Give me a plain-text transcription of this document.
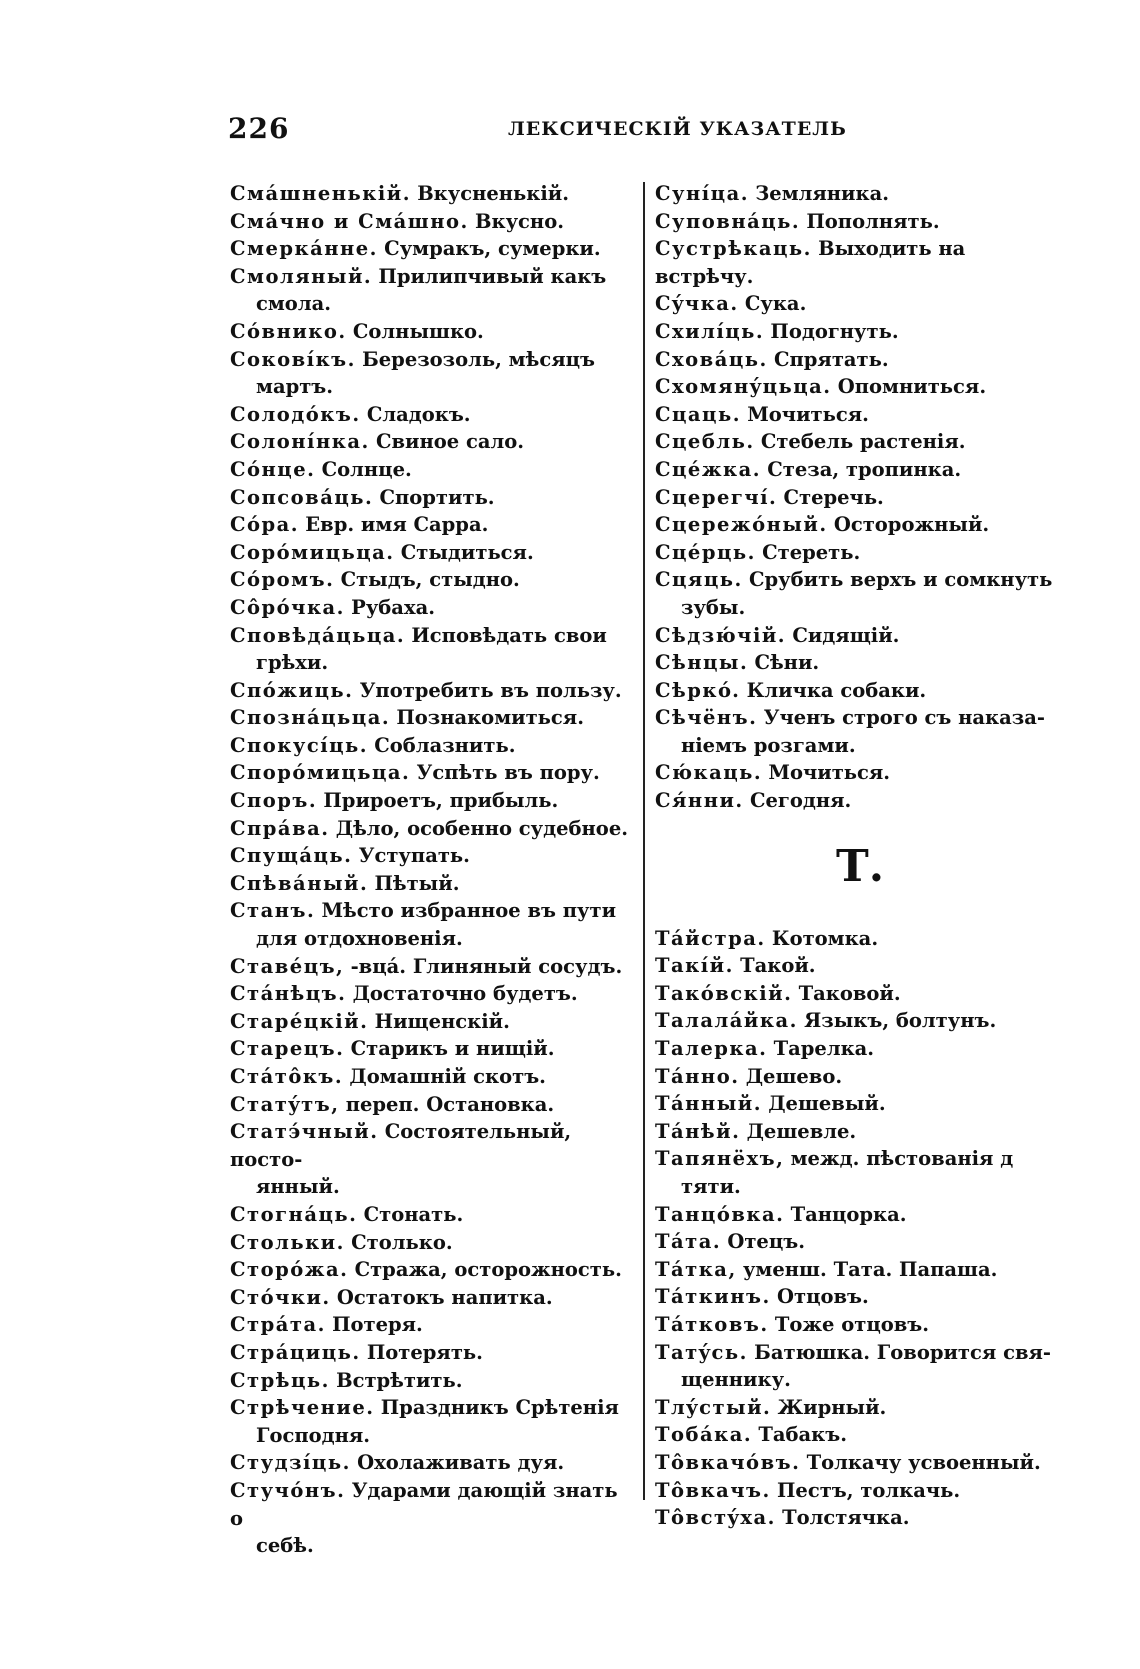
226	ЛЕКСИЧЕСКІЙ УКАЗАТЕЛЬ
Смáшненькій. Вкусненькій.
Смáчно и Смáшно. Вкусно.
Смеркáнне. Сумракъ, сумерки.
Смоляный. Прилипчивый какъ
смола.
Сóвнико. Солнышко.
Соковíкъ. Березозоль, мѣсяцъ
мартъ.
Солодóкъ. Сладокъ.
Солонíнка. Свиное сало.
Сóнце. Солнце.
Сопсовáць. Спортить.
Сóра. Евр. имя Сарра.
Сорóмицьца. Стыдиться.
Сóромъ. Стыдъ, стыдно.
Сôрóчка. Рубаха.
Сповѣдáцьца. Исповѣдать свои
грѣхи.
Спóжиць. Употребить въ пользу.
Спознáцьца. Познакомиться.
Спокусíць. Соблазнить.
Спорóмицьца. Успѣть въ пору.
Споръ. Прироетъ, прибыль.
Спрáва. Дѣло, особенно судебное.
Спущáць. Уступать.
Спѣвáный. Пѣтый.
Станъ. Мѣсто избранное въ пути
для отдохновенія.
Ставéцъ, -вцá. Глиняный сосудъ.
Стáнѣцъ. Достаточно будетъ.
Старéцкій. Нищенскій.
Старецъ. Старикъ и нищій.
Стáтôкъ. Домашній скотъ.
Статýтъ, переп. Остановка.
Статэ́чный. Состоятельный, посто-
янный.
Стогнáць. Стонать.
Стольки. Столько.
Сторóжа. Стража, осторожность.
Стóчки. Остатокъ напитка.
Стрáта. Потеря.
Стрáциць. Потерять.
Стрѣць. Встрѣтить.
Стрѣчение. Праздникъ Срѣтенія
Господня.
Студзíць. Охолаживать дуя.
Стучóнъ. Ударами дающій знать о
себѣ.
Сунíца. Земляника.
Суповнáць. Пополнять.
Сустрѣкаць. Выходить на встрѣчу.
Сýчка. Сука.
Схилíць. Подогнуть.
Сховáць. Спрятать.
Схомянýцьца. Опомниться.
Сцаць. Мочиться.
Сцебль. Стебель растенія.
Сцéжка. Стеза, тропинка.
Сцерегчí. Стеречь.
Сцережóный. Осторожный.
Сцéрць. Стереть.
Сцяць. Срубить верхъ и сомкнуть
зубы.
Сѣдзю́чій. Сидящій.
Сѣнцы. Сѣни.
Сѣркó. Кличка собаки.
Сѣчёнъ. Ученъ строго съ наказа-
ніемъ розгами.
Сю́каць. Мочиться.
Ся́нни. Сегодня.
Т.
Тáйстра. Котомка.
Такíй. Такой.
Такóвскій. Таковой.
Талалáйка. Языкъ, болтунъ.
Талерка. Тарелка.
Тáнно. Дешево.
Тáнный. Дешевый.
Тáнѣй. Дешевле.
Тапянёхъ, межд. пѣстованія д
тяти.
Танцóвка. Танцорка.
Тáта. Отецъ.
Тáтка, уменш. Тата. Папаша.
Тáткинъ. Отцовъ.
Тáтковъ. Тоже отцовъ.
Татýсь. Батюшка. Говорится свя-
щеннику.
Тлýстый. Жирный.
Тобáка. Табакъ.
Тôвкачóвъ. Толкачу усвоенный.
Тôвкачъ. Пестъ, толкачь.
Тôвстýха. Толстячка.
